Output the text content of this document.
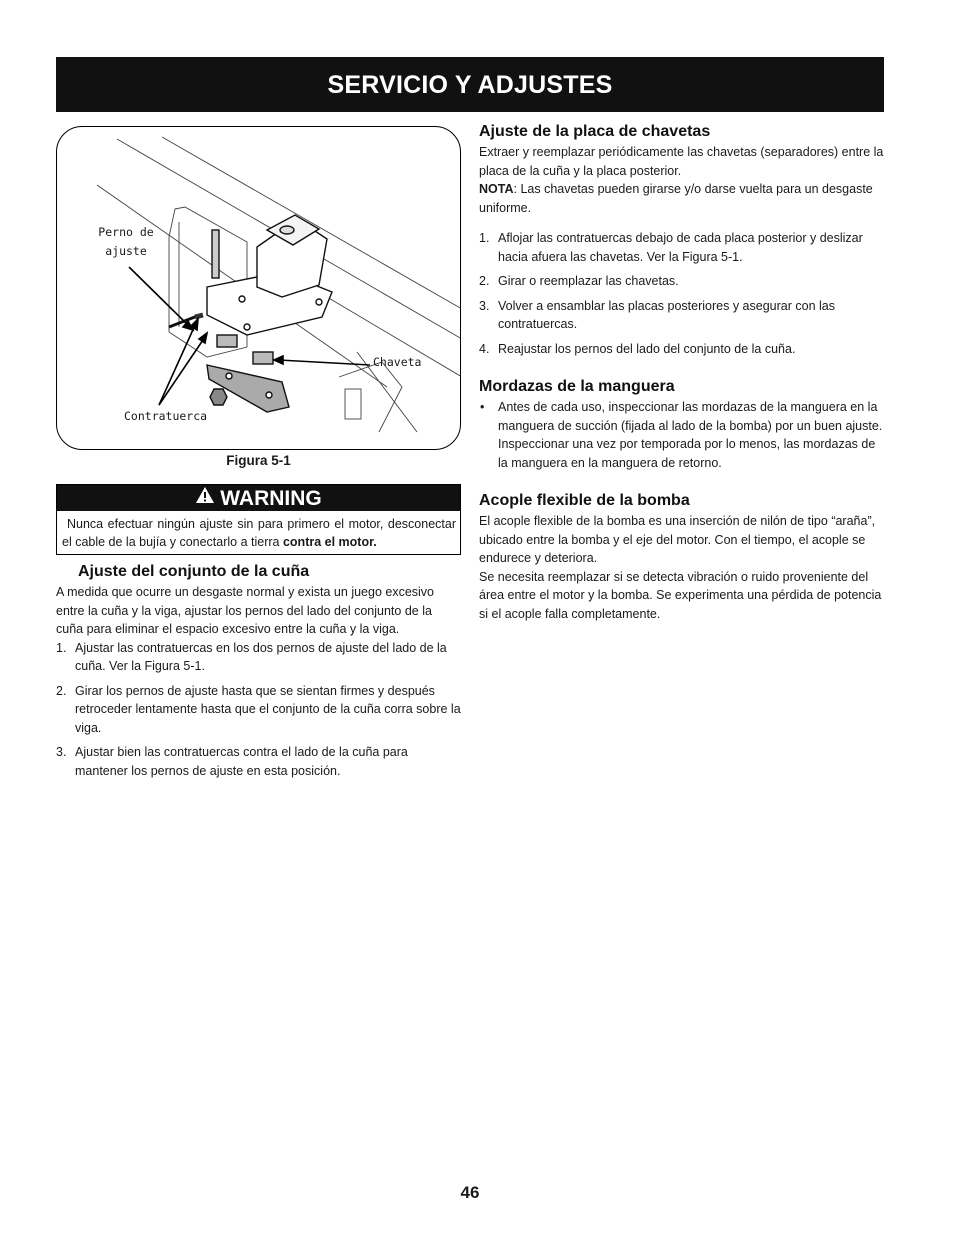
SERVICIO Y ADJUSTES
Perno de
ajuste
Chaveta
Contratuerca
Figura 5-1
WARNING
Nunca efectuar ningún ajuste sin para primero el motor, desconectar el cable de la bujía y conectarlo a tierra contra el motor.
Ajuste del conjunto de la cuña

A medida que ocurre un desgaste normal y exista un juego excesivo entre la cuña y la viga, ajustar los pernos del lado del conjunto de la cuña para eliminar el espacio excesivo entre la cuña y la viga.

1. Ajustar las contratuercas en los dos pernos de ajuste del lado de la cuña. Ver la Figura 5-1.
2. Girar los pernos de ajuste hasta que se sientan firmes y después retroceder lentamente hasta que el conjunto de la cuña corra sobre la viga.
3. Ajustar bien las contratuercas contra el lado de la cuña para mantener los pernos de ajuste en esta posición.
Ajuste de la placa de chavetas

Extraer y reemplazar periódicamente las chavetas (separadores) entre la placa de la cuña y la placa posterior.

NOTA: Las chavetas pueden girarse y/o darse vuelta para un desgaste uniforme.

1. Aflojar las contratuercas debajo de cada placa posterior y deslizar hacia afuera las chavetas. Ver la Figura 5-1.
2. Girar o reemplazar las chavetas.
3. Volver a ensamblar las placas posteriores y asegurar con las contratuercas.
4. Reajustar los pernos del lado del conjunto de la cuña.
Mordazas de la manguera
• Antes de cada uso, inspeccionar las mordazas de la manguera en la manguera de succión (fijada al lado de la bomba) por un buen ajuste. Inspeccionar una vez por temporada por lo menos, las mordazas de la manguera en la manguera de retorno.
Acople flexible de la bomba

El acople flexible de la bomba es una inserción de nilón de tipo “araña”, ubicado entre la bomba y el eje del motor. Con el tiempo, el acople se endurece y deteriora.

Se necesita reemplazar si se detecta vibración o ruido proveniente del área entre el motor y la bomba. Se experimenta una pérdida de potencia si el acople falla completamente.

46
